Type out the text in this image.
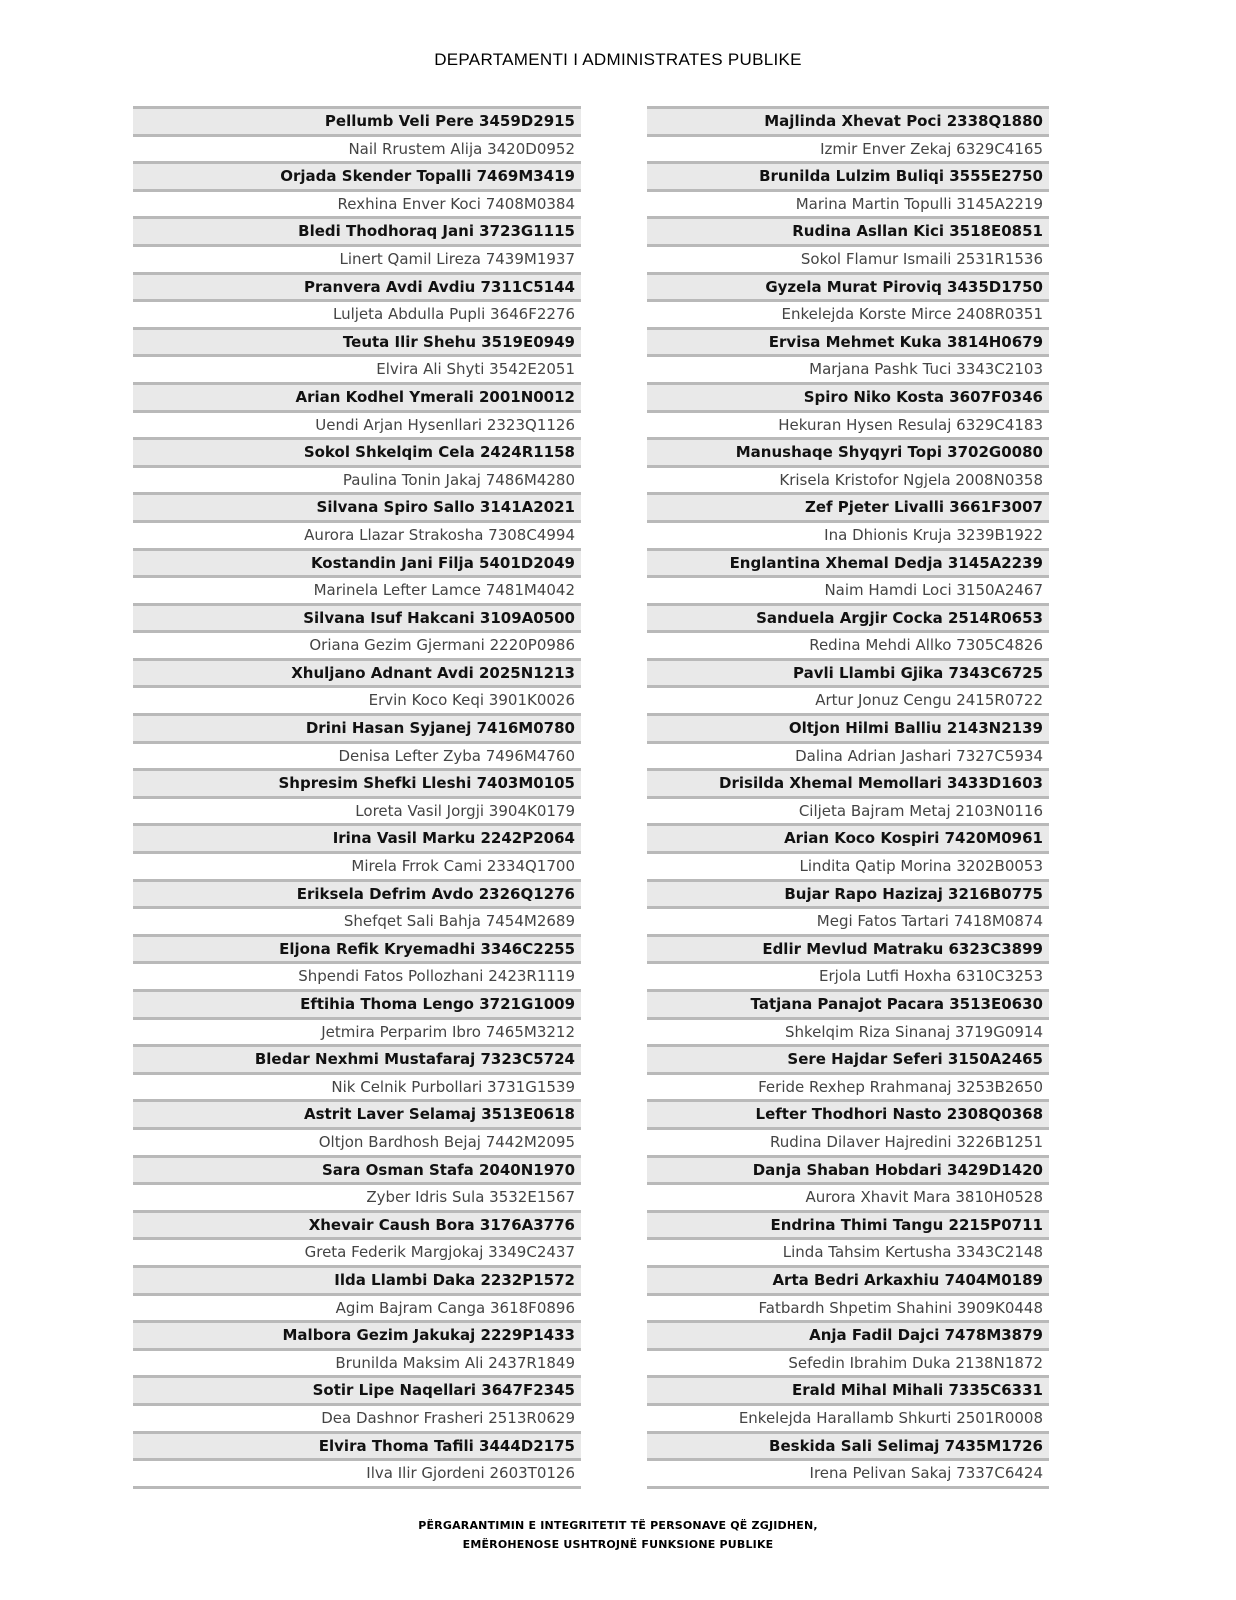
DEPARTAMENTI I ADMINISTRATES PUBLIKE
Pellumb Veli Pere 3459D2915
Nail Rrustem Alija 3420D0952
Orjada Skender Topalli 7469M3419
Rexhina Enver Koci 7408M0384
Bledi Thodhoraq Jani 3723G1115
Linert Qamil Lireza 7439M1937
Pranvera Avdi Avdiu 7311C5144
Luljeta Abdulla Pupli 3646F2276
Teuta Ilir Shehu 3519E0949
Elvira Ali Shyti 3542E2051
Arian Kodhel Ymerali 2001N0012
Uendi Arjan Hysenllari 2323Q1126
Sokol Shkelqim Cela 2424R1158
Paulina Tonin Jakaj 7486M4280
Silvana Spiro Sallo 3141A2021
Aurora Llazar Strakosha 7308C4994
Kostandin Jani Filja 5401D2049
Marinela Lefter Lamce 7481M4042
Silvana Isuf Hakcani 3109A0500
Oriana Gezim Gjermani 2220P0986
Xhuljano Adnant Avdi 2025N1213
Ervin Koco Keqi 3901K0026
Drini Hasan Syjanej 7416M0780
Denisa Lefter Zyba 7496M4760
Shpresim Shefki Lleshi 7403M0105
Loreta Vasil Jorgji 3904K0179
Irina Vasil Marku 2242P2064
Mirela Frrok Cami 2334Q1700
Eriksela Defrim Avdo 2326Q1276
Shefqet Sali Bahja 7454M2689
Eljona Refik Kryemadhi 3346C2255
Shpendi Fatos Pollozhani 2423R1119
Eftihia Thoma Lengo 3721G1009
Jetmira Perparim Ibro 7465M3212
Bledar Nexhmi Mustafaraj 7323C5724
Nik Celnik Purbollari 3731G1539
Astrit Laver Selamaj 3513E0618
Oltjon Bardhosh Bejaj 7442M2095
Sara Osman Stafa 2040N1970
Zyber Idris Sula 3532E1567
Xhevair Caush Bora 3176A3776
Greta Federik Margjokaj 3349C2437
Ilda Llambi Daka 2232P1572
Agim Bajram Canga 3618F0896
Malbora Gezim Jakukaj 2229P1433
Brunilda Maksim Ali 2437R1849
Sotir Lipe Naqellari 3647F2345
Dea Dashnor Frasheri 2513R0629
Elvira Thoma Tafili 3444D2175
Ilva Ilir Gjordeni 2603T0126
Majlinda Xhevat Poci 2338Q1880
Izmir Enver Zekaj 6329C4165
Brunilda Lulzim Buliqi 3555E2750
Marina Martin Topulli 3145A2219
Rudina Asllan Kici 3518E0851
Sokol Flamur Ismaili 2531R1536
Gyzela Murat Piroviq 3435D1750
Enkelejda Korste Mirce 2408R0351
Ervisa Mehmet Kuka 3814H0679
Marjana Pashk Tuci 3343C2103
Spiro Niko Kosta 3607F0346
Hekuran Hysen Resulaj 6329C4183
Manushaqe Shyqyri Topi 3702G0080
Krisela Kristofor Ngjela 2008N0358
Zef Pjeter Livalli 3661F3007
Ina Dhionis Kruja 3239B1922
Englantina Xhemal Dedja 3145A2239
Naim Hamdi Loci 3150A2467
Sanduela Argjir Cocka 2514R0653
Redina Mehdi Allko 7305C4826
Pavli Llambi Gjika 7343C6725
Artur Jonuz Cengu 2415R0722
Oltjon Hilmi Balliu 2143N2139
Dalina Adrian Jashari 7327C5934
Drisilda Xhemal Memollari 3433D1603
Ciljeta Bajram Metaj 2103N0116
Arian Koco Kospiri 7420M0961
Lindita Qatip Morina 3202B0053
Bujar Rapo Hazizaj 3216B0775
Megi Fatos Tartari 7418M0874
Edlir Mevlud Matraku 6323C3899
Erjola Lutfi Hoxha 6310C3253
Tatjana Panajot Pacara 3513E0630
Shkelqim Riza Sinanaj 3719G0914
Sere Hajdar Seferi 3150A2465
Feride Rexhep Rrahmanaj 3253B2650
Lefter Thodhori Nasto 2308Q0368
Rudina Dilaver Hajredini 3226B1251
Danja Shaban Hobdari 3429D1420
Aurora Xhavit Mara 3810H0528
Endrina Thimi Tangu 2215P0711
Linda Tahsim Kertusha 3343C2148
Arta Bedri Arkaxhiu 7404M0189
Fatbardh Shpetim Shahini 3909K0448
Anja Fadil Dajci 7478M3879
Sefedin Ibrahim Duka 2138N1872
Erald Mihal Mihali 7335C6331
Enkelejda Harallamb Shkurti 2501R0008
Beskida Sali Selimaj 7435M1726
Irena Pelivan Sakaj 7337C6424
PËRGARANTIMIN E INTEGRITETIT TË PERSONAVE QË ZGJIDHEN,
EMËROHENOSE USHTROJNË FUNKSIONE PUBLIKE
